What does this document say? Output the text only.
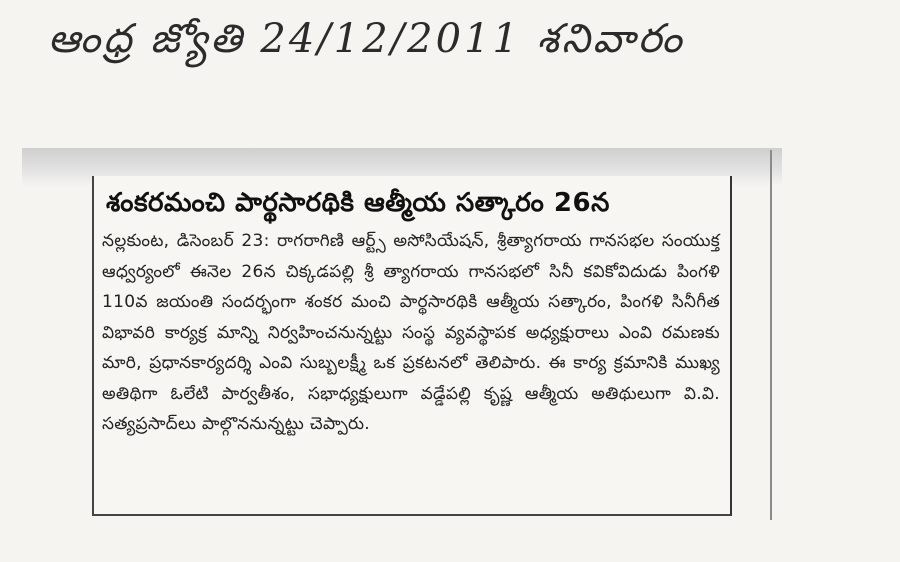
ఆంధ్ర జ్యోతి 24/12/2011 శనివారం
శంకరమంచి పార్థసారథికి ఆత్మీయ సత్కారం 26న
నల్లకుంట, డిసెంబర్ 23: రాగరాగిణి ఆర్ట్స్ అసోసియేషన్, శ్రీత్యాగరాయ గానసభల సంయుక్త ఆధ్వర్యంలో ఈనెల 26న చిక్కడపల్లి శ్రీ త్యాగరాయ గానసభలో సినీ కవికోవిదుడు పింగళి 110వ జయంతి సందర్భంగా శంకర మంచి పార్థసారథికి ఆత్మీయ సత్కారం, పింగళి సినీగీత విభావరి కార్యక్ర మాన్ని నిర్వహించనున్నట్టు సంస్థ వ్యవస్థాపక అధ్యక్షురాలు ఎంవి రమణకు మారి, ప్రధానకార్యదర్శి ఎంవి సుబ్బలక్ష్మీ ఒక ప్రకటనలో తెలిపారు. ఈ కార్య క్రమానికి ముఖ్య అతిథిగా ఓలేటి పార్వతీశం, సభాధ్యక్షులుగా వడ్డేపల్లి కృష్ణ ఆత్మీయ అతిథులుగా వి.వి. సత్యప్రసాద్‌లు పాల్గొననున్నట్టు చెప్పారు.
